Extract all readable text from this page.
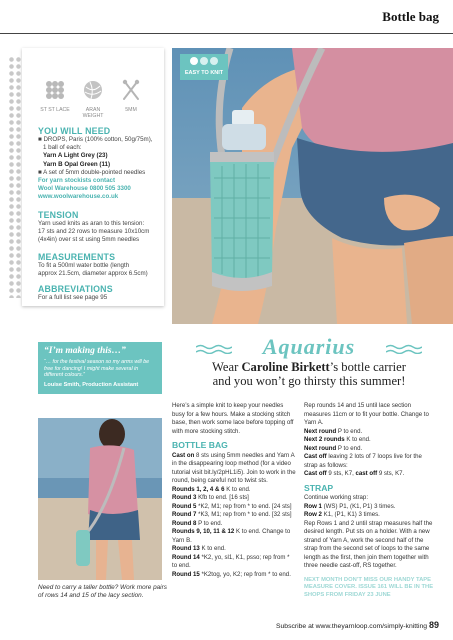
Bottle bag
ST ST LACE	ARAN WEIGHT
5MM
YOU WILL NEED
■ DROPS, Paris (100% cotton, 50g/75m),
1 ball of each:
Yarn A Light Grey (23)
Yarn B Opal Green (11)
■ A set of 5mm double-pointed needles
For yarn stockists contact
Wool Warehouse 0800 505 3300
www.woolwarehouse.co.uk
TENSION
Yarn used knits as aran to this tension:
17 sts and 22 rows to measure 10x10cm
(4x4in) over st st using 5mm needles
MEASUREMENTS
To fit a 500ml water bottle (length
approx 21.5cm, diameter approx 6.5cm)
ABBREVIATIONS
For a full list see page 95
EASY TO KNIT
“I’m making this…”
“… for the festival season so my arms will be free for dancing! I might make several in different colours.”
Louise Smith, Production Assistant
Need to carry a taller bottle? Work more pairs of rows 14 and 15 of the lacy section.
Aquarius
Wear Caroline Birkett’s bottle carrier
and you won’t go thirsty this summer!

Here’s a simple knit to keep your needles busy for a few hours. Make a stocking stitch base, then work some lace before topping off with more stocking stitch.

BOTTLE BAG

Cast on 8 sts using 5mm needles and Yarn A in the disappearing loop method (for a video tutorial visit bit.ly/2pHL1i5). Join to work in the round, being careful not to twist sts.

Rounds 1, 2, 4 & 6 K to end.

Round 3 Kfb to end. [16 sts]

Round 5 *K2, M1; rep from * to end. [24 sts]

Round 7 *K3, M1; rep from * to end. [32 sts]

Round 8 P to end.

Rounds 9, 10, 11 & 12 K to end. Change to Yarn B.

Round 13 K to end.

Round 14 *K2, yo, sl1, K1, psso; rep from * to end.

Round 15 *K2tog, yo, K2; rep from * to end.

Rep rounds 14 and 15 until lace section measures 11cm or to fit your bottle. Change to Yarn A.

Next round P to end.

Next 2 rounds K to end.

Next round P to end.

Cast off leaving 2 lots of 7 loops live for the strap as follows:

Cast off 9 sts, K7, cast off 9 sts, K7.

STRAP

Continue working strap:

Row 1 (WS) P1, (K1, P1) 3 times.

Row 2 K1, (P1, K1) 3 times.

Rep Rows 1 and 2 until strap measures half the desired length. Put sts on a holder. With a new strand of Yarn A, work the second half of the strap from the second set of loops to the same length as the first, then join them together with three needle cast-off, RS together.

NEXT MONTH DON’T MISS OUR HANDY TAPE MEASURE COVER. ISSUE 161 WILL BE IN THE SHOPS FROM FRIDAY 23 JUNE
Subscribe at www.theyarnloop.com/simply-knitting 89
